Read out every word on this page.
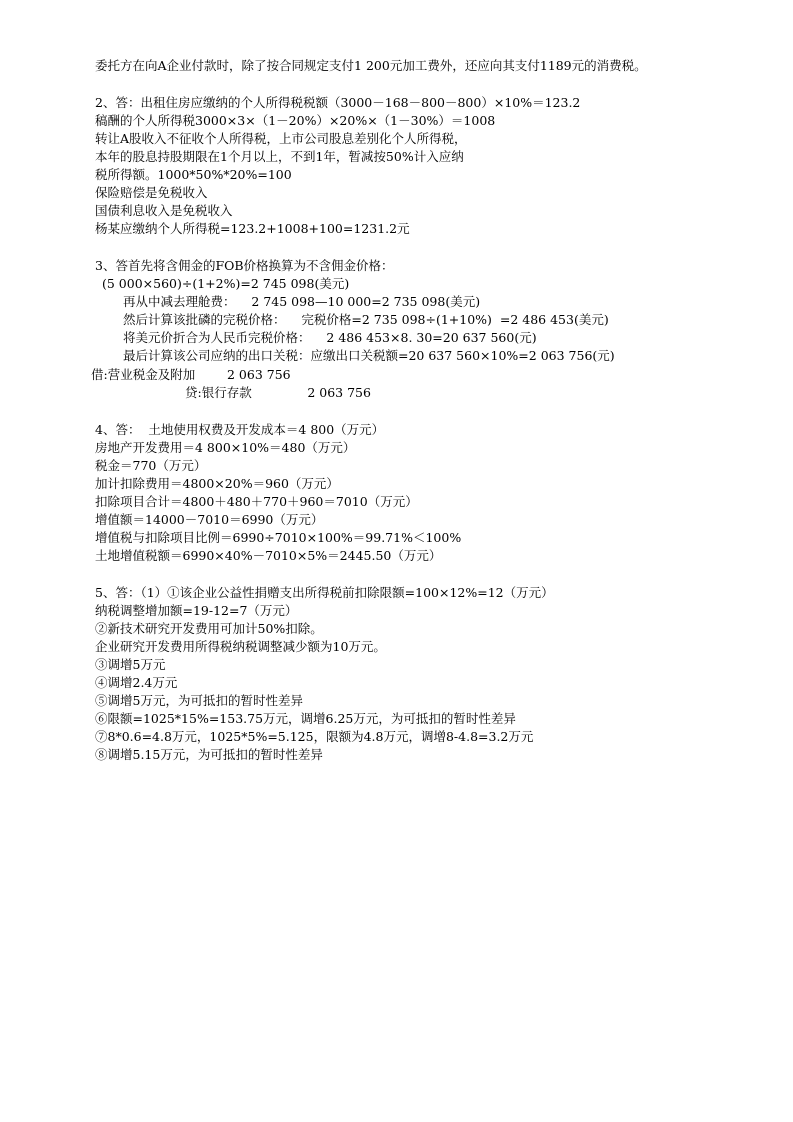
委托方在向A企业付款时，除了按合同规定支付1 200元加工费外，还应向其支付1189元的消费税。
2、答：出租住房应缴纳的个人所得税税额（3000－168－800－800）×10%＝123.2
稿酬的个人所得税3000×3×（1－20%）×20%×（1－30%）＝1008
转让A股收入不征收个人所得税，上市公司股息差别化个人所得税，
本年的股息持股期限在1个月以上，不到1年，暂减按50%计入应纳
税所得额。1000*50%*20%=100
保险赔偿是免税收入
国债利息收入是免税收入
杨某应缴纳个人所得税=123.2+1008+100=1231.2元
3、答首先将含佣金的FOB价格换算为不含佣金价格：
(5 000×560)÷(1+2%)=2 745 098(美元)
再从中减去理舱费：    2 745 098—10 000=2 735 098(美元)
然后计算该批磷的完税价格：    完税价格=2 735 098÷(1+10%)  =2 486 453(美元)
将美元价折合为人民币完税价格：    2 486 453×8. 30=20 637 560(元)
最后计算该公司应纳的出口关税：应缴出口关税额=20 637 560×10%=2 063 756(元)
借:营业税金及附加        2 063 756
贷:银行存款              2 063 756
4、答：  土地使用权费及开发成本＝4 800（万元）
房地产开发费用＝4 800×10%＝480（万元）
税金＝770（万元）
加计扣除费用＝4800×20%＝960（万元）
扣除项目合计＝4800＋480＋770＋960＝7010（万元）
增值额＝14000－7010＝6990（万元）
增值税与扣除项目比例＝6990÷7010×100%＝99.71%＜100%
土地增值税额＝6990×40%－7010×5%＝2445.50（万元）
5、答：（1）①该企业公益性捐赠支出所得税前扣除限额=100×12%=12（万元）
纳税调整增加额=19-12=7（万元）
②新技术研究开发费用可加计50%扣除。
企业研究开发费用所得税纳税调整减少额为10万元。
③调增5万元
④调增2.4万元
⑤调增5万元，为可抵扣的暂时性差异
⑥限额=1025*15%=153.75万元，调增6.25万元，为可抵扣的暂时性差异
⑦8*0.6=4.8万元，1025*5%=5.125，限额为4.8万元，调增8-4.8=3.2万元
⑧调增5.15万元，为可抵扣的暂时性差异
